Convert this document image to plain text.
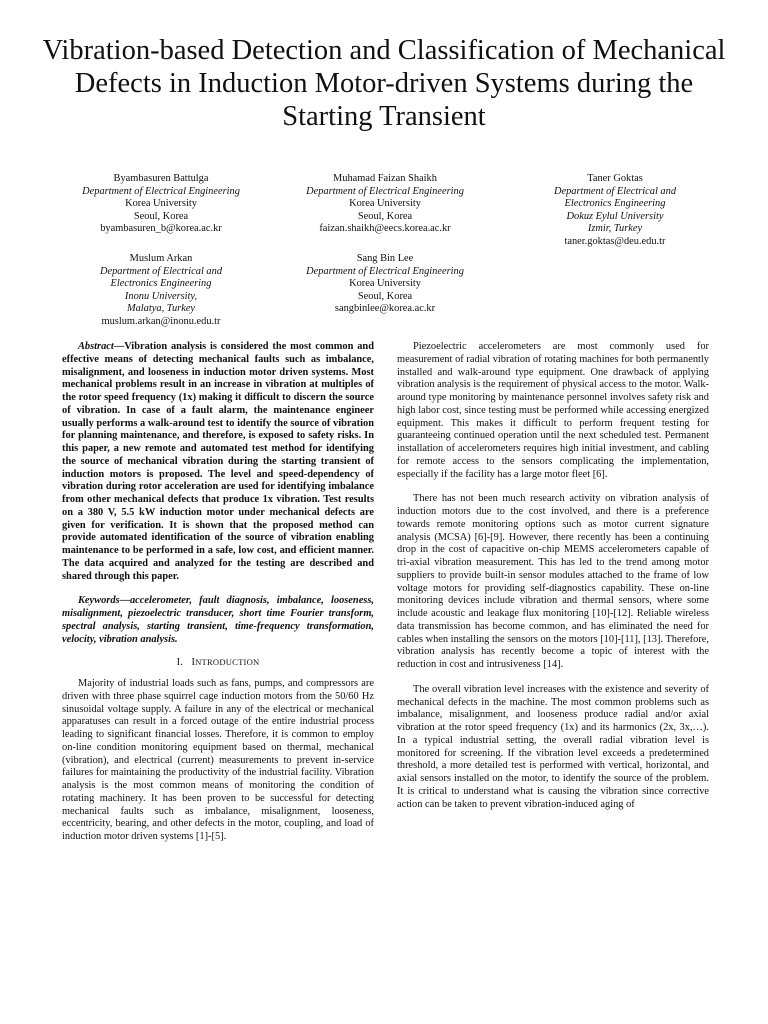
Vibration-based Detection and Classification of Mechanical Defects in Induction Motor-driven Systems during the Starting Transient
Byambasuren Battulga
Department of Electrical Engineering
Korea University
Seoul, Korea
byambasuren_b@korea.ac.kr
Muhamad Faizan Shaikh
Department of Electrical Engineering
Korea University
Seoul, Korea
faizan.shaikh@eecs.korea.ac.kr
Taner Goktas
Department of Electrical and
Electronics Engineering
Dokuz Eylul University
Izmir, Turkey
taner.goktas@deu.edu.tr
Muslum Arkan
Department of Electrical and
Electronics Engineering
Inonu University,
Malatya, Turkey
muslum.arkan@inonu.edu.tr
Sang Bin Lee
Department of Electrical Engineering
Korea University
Seoul, Korea
sangbinlee@korea.ac.kr

Abstract—Vibration analysis is considered the most common and effective means of detecting mechanical faults such as imbalance, misalignment, and looseness in induction motor driven systems. Most mechanical problems result in an increase in vibration at multiples of the rotor speed frequency (1x) making it difficult to discern the source of vibration. In case of a fault alarm, the maintenance engineer usually performs a walk-around test to identify the source of vibration for planning maintenance, and therefore, is exposed to safety risks. In this paper, a new remote and automated test method for identifying the source of mechanical vibration during the starting transient of induction motors is proposed. The level and speed-dependency of vibration during rotor acceleration are used for identifying imbalance from other mechanical defects that produce 1x vibration. Test results on a 380 V, 5.5 kW induction motor under mechanical defects are given for verification. It is shown that the proposed method can provide automated identification of the source of vibration enabling maintenance to be performed in a safe, low cost, and efficient manner. The data acquired and analyzed for the testing are described and shared through this paper.

Keywords—accelerometer, fault diagnosis, imbalance, looseness, misalignment, piezoelectric transducer, short time Fourier transform, spectral analysis, starting transient, time-frequency transformation, velocity, vibration analysis.

I. INTRODUCTION

Majority of industrial loads such as fans, pumps, and compressors are driven with three phase squirrel cage induction motors from the 50/60 Hz sinusoidal voltage supply. A failure in any of the electrical or mechanical apparatuses can result in a forced outage of the entire industrial process leading to significant financial losses. Therefore, it is common to employ on-line condition monitoring equipment based on thermal, mechanical (vibration), and electrical (current) measurements to prevent in-service failures for maintaining the productivity of the industrial facility. Vibration analysis is the most common means of monitoring the condition of rotating machinery. It has been proven to be successful for detecting mechanical faults such as imbalance, misalignment, looseness, eccentricity, bearing, and other defects in the motor, coupling, and load of induction motor driven systems [1]-[5].

Piezoelectric accelerometers are most commonly used for measurement of radial vibration of rotating machines for both permanently installed and walk-around type equipment. One drawback of applying vibration analysis is the requirement of physical access to the motor. Walk-around type monitoring by maintenance personnel involves safety risk and high labor cost, since testing must be performed while accessing energized equipment. This makes it difficult to perform frequent testing for guaranteeing continued operation until the next scheduled test. Permanent installation of accelerometers requires high initial investment, and cabling for remote access to the sensors complicating the implementation, especially if the facility has a large motor fleet [6].

There has not been much research activity on vibration analysis of induction motors due to the cost involved, and there is a preference towards remote monitoring options such as motor current signature analysis (MCSA) [6]-[9]. However, there recently has been a continuing drop in the cost of capacitive on-chip MEMS accelerometers capable of tri-axial vibration measurement. This has led to the trend among motor suppliers to provide built-in sensor modules attached to the frame of low voltage motors for providing self-diagnostics capability. These on-line monitoring devices include vibration and thermal sensors, where some include acoustic and leakage flux monitoring [10]-[12]. Reliable wireless data transmission has become common, and has eliminated the need for cables when installing the sensors on the motors [10]-[11], [13]. Therefore, vibration analysis has recently become a topic of interest with the reduction in cost and intrusiveness [14].

The overall vibration level increases with the existence and severity of mechanical defects in the machine. The most common problems such as imbalance, misalignment, and looseness produce radial and/or axial vibration at the rotor speed frequency (1x) and its harmonics (2x, 3x,…). In a typical industrial setting, the overall radial vibration level is monitored for screening. If the vibration level exceeds a predetermined threshold, a more detailed test is performed with vertical, horizontal, and axial sensors installed on the motor, to identify the source of the problem. It is critical to understand what is causing the vibration since corrective action can be taken to prevent vibration-induced aging of
